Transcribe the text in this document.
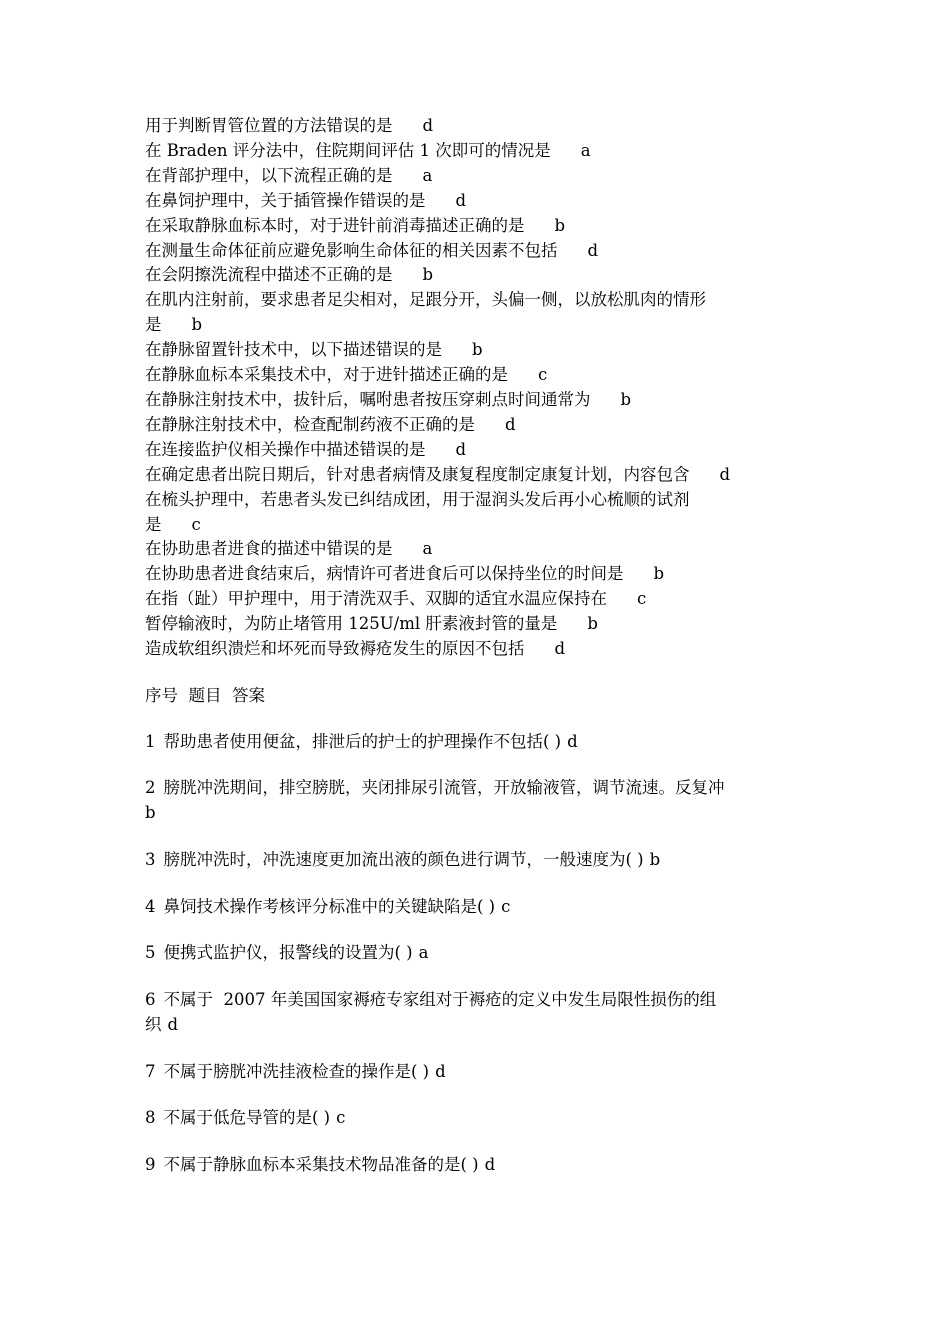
用于判断胃管位置的方法错误的是 d
在 Braden 评分法中，住院期间评估 1 次即可的情况是 a
在背部护理中，以下流程正确的是 a
在鼻饲护理中，关于插管操作错误的是 d
在采取静脉血标本时，对于进针前消毒描述正确的是 b
在测量生命体征前应避免影响生命体征的相关因素不包括 d
在会阴擦洗流程中描述不正确的是 b
在肌内注射前，要求患者足尖相对，足跟分开，头偏一侧，以放松肌肉的情形
是 b
在静脉留置针技术中，以下描述错误的是 b
在静脉血标本采集技术中，对于进针描述正确的是 c
在静脉注射技术中，拔针后，嘱咐患者按压穿刺点时间通常为 b
在静脉注射技术中，检查配制药液不正确的是 d
在连接监护仪相关操作中描述错误的是 d
在确定患者出院日期后，针对患者病情及康复程度制定康复计划，内容包含 d
在梳头护理中，若患者头发已纠结成团，用于湿润头发后再小心梳顺的试剂
是 c
在协助患者进食的描述中错误的是 a
在协助患者进食结束后，病情许可者进食后可以保持坐位的时间是 b
在指（趾）甲护理中，用于清洗双手、双脚的适宜水温应保持在 c
暂停输液时，为防止堵管用 125U/ml 肝素液封管的量是 b
造成软组织溃烂和坏死而导致褥疮发生的原因不包括 d
序号  题目  答案
1 帮助患者使用便盆，排泄后的护士的护理操作不包括( ) d
2 膀胱冲洗期间，排空膀胱，夹闭排尿引流管，开放输液管，调节流速。反复冲
b
3 膀胱冲洗时，冲洗速度更加流出液的颜色进行调节，一般速度为( ) b
4 鼻饲技术操作考核评分标准中的关键缺陷是( ) c
5 便携式监护仪，报警线的设置为( ) a
6 不属于  2007 年美国国家褥疮专家组对于褥疮的定义中发生局限性损伤的组
织 d
7 不属于膀胱冲洗挂液检查的操作是( ) d
8 不属于低危导管的是( ) c
9 不属于静脉血标本采集技术物品准备的是( ) d
